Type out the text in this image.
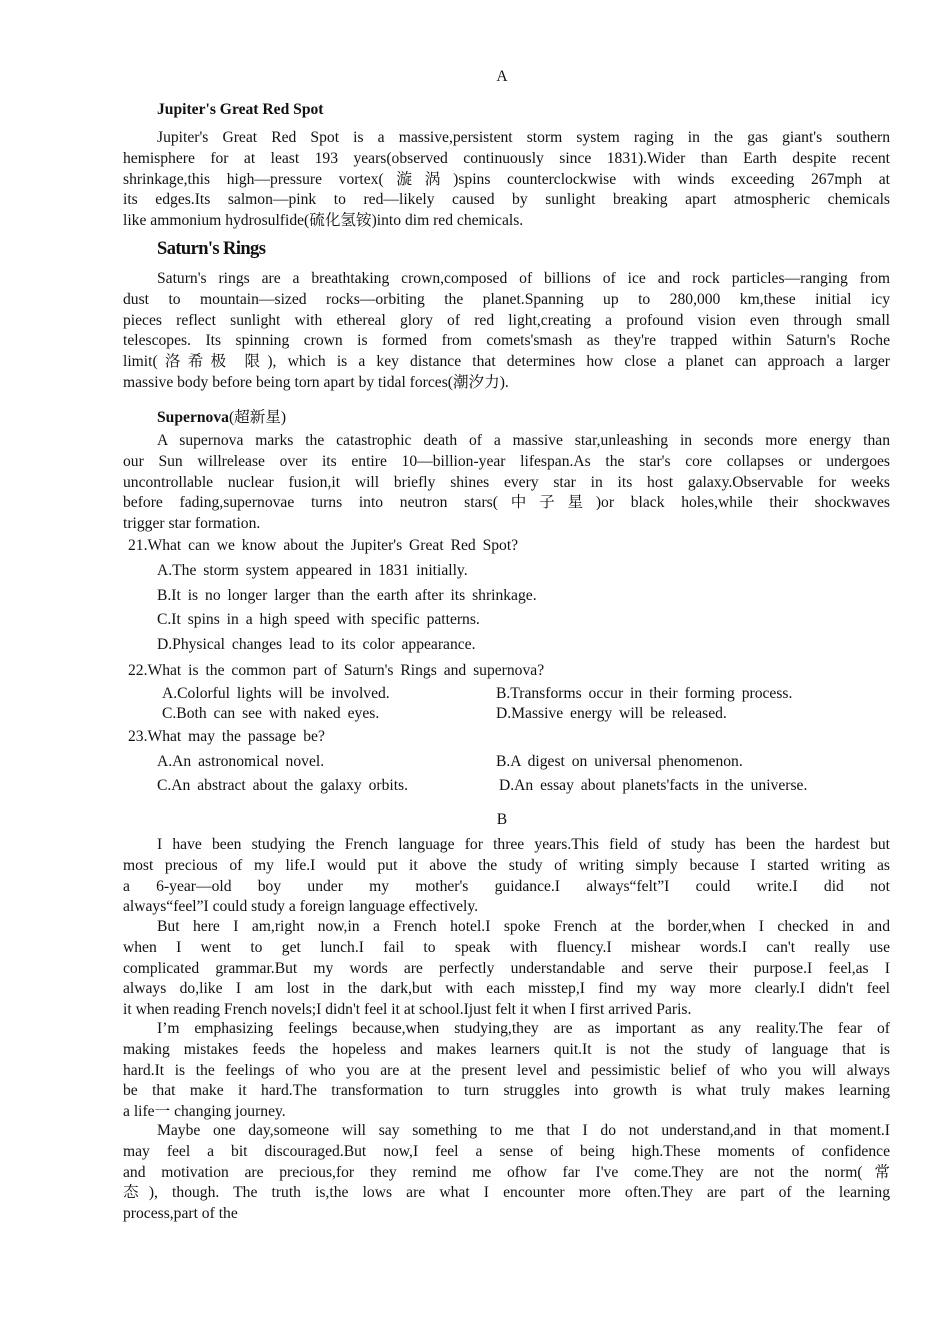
A
Jupiter's Great Red Spot
Jupiter's Great Red Spot is a massive,persistent storm system raging in the gas giant's southern
hemisphere for at least 193 years(observed continuously since 1831).Wider than Earth despite recent
shrinkage,this high—pressure vortex(漩涡)spins counterclockwise with winds exceeding 267mph at
its edges.Its salmon—pink to red—likely caused by sunlight breaking apart atmospheric chemicals
like ammonium hydrosulfide(硫化氢铵)into dim red chemicals.
Saturn's Rings
Saturn's rings are a breathtaking crown,composed of billions of ice and rock particles—ranging from
dust to mountain—sized rocks—orbiting the planet.Spanning up to 280,000 km,these initial icy
pieces reflect sunlight with ethereal glory of red light,creating a profound vision even through small
telescopes. Its spinning crown is formed from comets'smash as they're trapped within Saturn's Roche
limit(洛希极 限), which is a key distance that determines how close a planet can approach a larger
massive body before being torn apart by tidal forces(潮汐力).
Supernova(超新星)
A supernova marks the catastrophic death of a massive star,unleashing in seconds more energy than
our Sun willrelease over its entire 10—billion-year lifespan.As the star's core collapses or undergoes
uncontrollable nuclear fusion,it will briefly shines every star in its host galaxy.Observable for weeks
before fading,supernovae turns into neutron stars(中子星)or black holes,while their shockwaves
trigger star formation.
21.What can we know about the Jupiter's Great Red Spot?
A.The storm system appeared in 1831 initially.
B.It is no longer larger than the earth after its shrinkage.
C.It spins in a high speed with specific patterns.
D.Physical changes lead to its color appearance.
22.What is the common part of Saturn's Rings and supernova?
A.Colorful lights will be involved.	B.Transforms occur in their forming process.
C.Both can see with naked eyes.	D.Massive energy will be released.
23.What may the passage be?
A.An astronomical novel.	B.A digest on universal phenomenon.
C.An abstract about the galaxy orbits.	D.An essay about planets'facts in the universe.
B
I have been studying the French language for three years.This field of study has been the hardest but
most precious of my life.I would put it above the study of writing simply because I started writing as
a 6-year—old boy under my mother's guidance.I always“felt”I could write.I did not
always“feel”I could study a foreign language effectively.
But here I am,right now,in a French hotel.I spoke French at the border,when I checked in and
when I went to get lunch.I fail to speak with fluency.I mishear words.I can't really use
complicated grammar.But my words are perfectly understandable and serve their purpose.I feel,as I
always do,like I am lost in the dark,but with each misstep,I find my way more clearly.I didn't feel
it when reading French novels;I didn't feel it at school.Ijust felt it when I first arrived Paris.
I’m emphasizing feelings because,when studying,they are as important as any reality.The fear of
making mistakes feeds the hopeless and makes learners quit.It is not the study of language that is
hard.It is the feelings of who you are at the present level and pessimistic belief of who you will always
be that make it hard.The transformation to turn struggles into growth is what truly makes learning
a life一 changing journey.
Maybe one day,someone will say something to me that I do not understand,and in that moment.I
may feel a bit discouraged.But now,I feel a sense of being high.These moments of confidence
and motivation are precious,for they remind me ofhow far I've come.They are not the norm(常
态), though. The truth is,the lows are what I encounter more often.They are part of the learning
process,part of the
